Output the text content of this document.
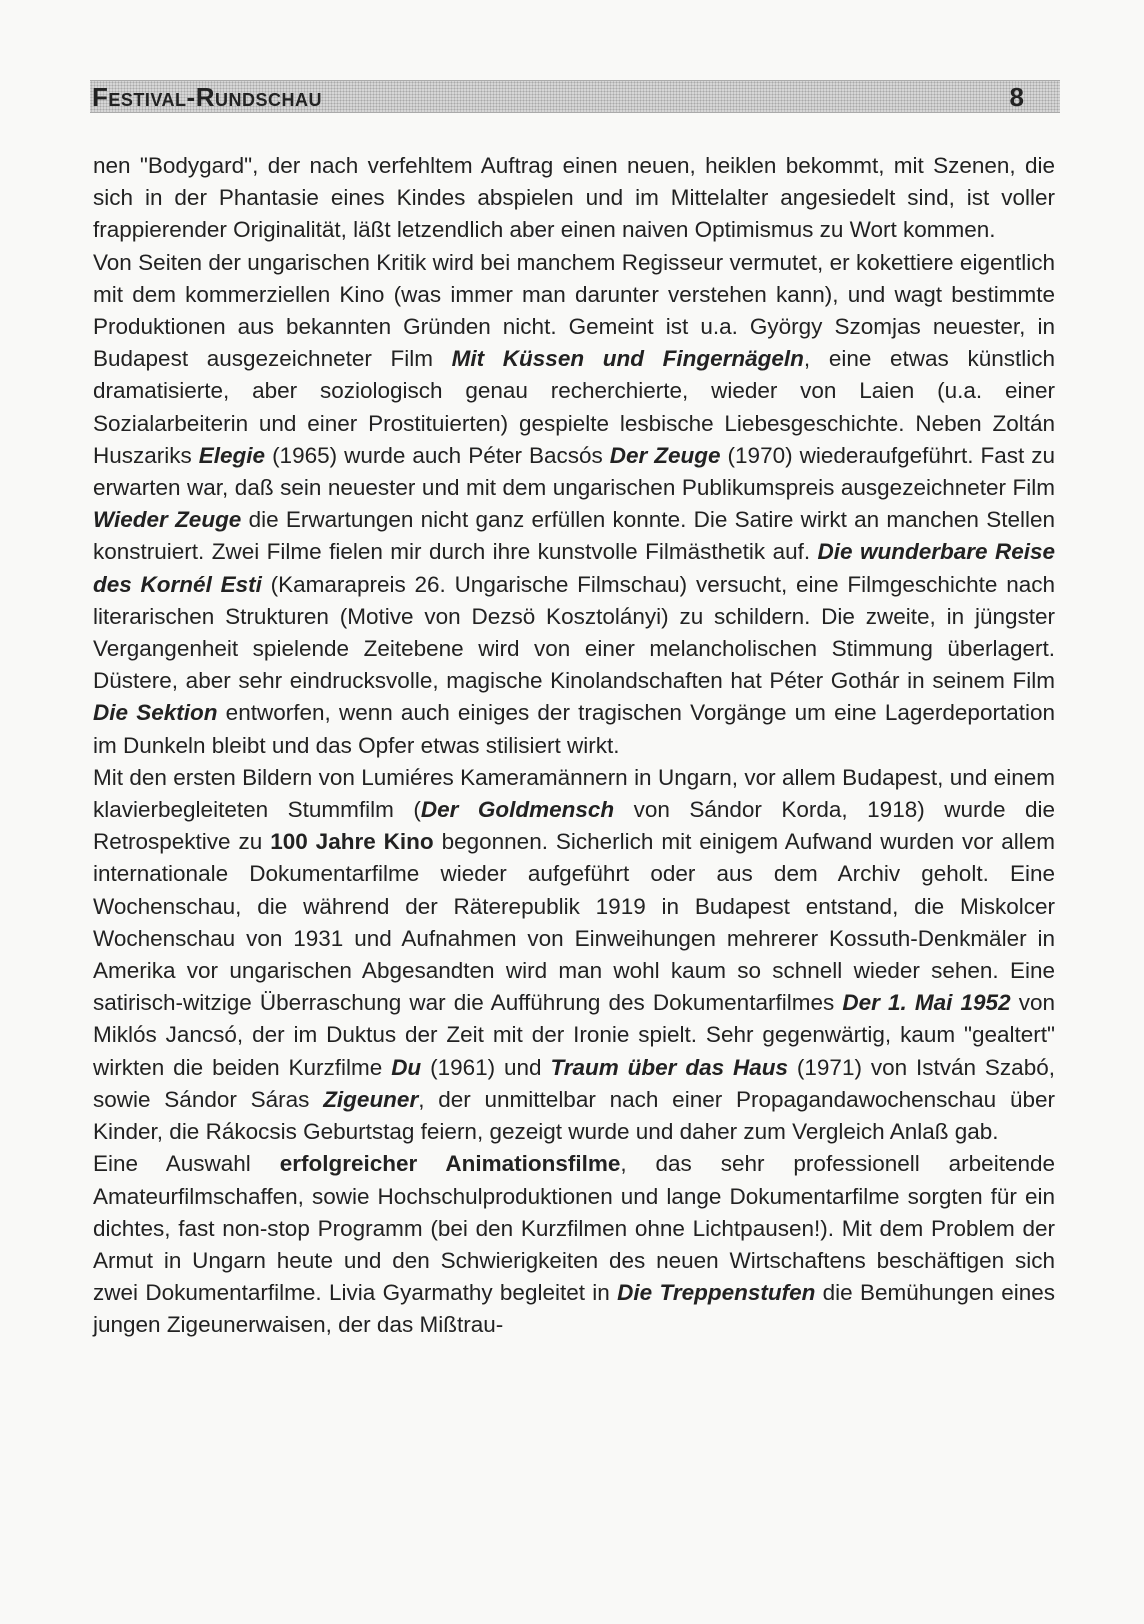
Festival-Rundschau	8

nen "Bodygard", der nach verfehltem Auftrag einen neuen, heiklen bekommt, mit Szenen, die sich in der Phantasie eines Kindes abspielen und im Mittelalter angesiedelt sind, ist voller frappierender Originalität, läßt letzendlich aber einen naiven Optimismus zu Wort kommen.

Von Seiten der ungarischen Kritik wird bei manchem Regisseur vermutet, er kokettiere eigentlich mit dem kommerziellen Kino (was immer man darunter verstehen kann), und wagt bestimmte Produktionen aus bekannten Gründen nicht. Gemeint ist u.a. György Szomjas neuester, in Budapest ausgezeichneter Film Mit Küssen und Fingernägeln, eine etwas künstlich dramatisierte, aber soziologisch genau recherchierte, wieder von Laien (u.a. einer Sozialarbeiterin und einer Prostituierten) gespielte lesbische Liebesgeschichte. Neben Zoltán Huszariks Elegie (1965) wurde auch Péter Bacsós Der Zeuge (1970) wiederaufgeführt. Fast zu erwarten war, daß sein neuester und mit dem ungarischen Publikumspreis ausgezeichneter Film Wieder Zeuge die Erwartungen nicht ganz erfüllen konnte. Die Satire wirkt an manchen Stellen konstruiert. Zwei Filme fielen mir durch ihre kunstvolle Filmästhetik auf. Die wunderbare Reise des Kornél Esti (Kamarapreis 26. Ungarische Filmschau) versucht, eine Filmgeschichte nach literarischen Strukturen (Motive von Dezsö Kosztolányi) zu schildern. Die zweite, in jüngster Vergangenheit spielende Zeitebene wird von einer melancholischen Stimmung überlagert. Düstere, aber sehr eindrucksvolle, magische Kinolandschaften hat Péter Gothár in seinem Film Die Sektion entworfen, wenn auch einiges der tragischen Vorgänge um eine Lagerdeportation im Dunkeln bleibt und das Opfer etwas stilisiert wirkt.

Mit den ersten Bildern von Lumiéres Kameramännern in Ungarn, vor allem Budapest, und einem klavierbegleiteten Stummfilm (Der Goldmensch von Sándor Korda, 1918) wurde die Retrospektive zu 100 Jahre Kino begonnen. Sicherlich mit einigem Aufwand wurden vor allem internationale Dokumentarfilme wieder aufgeführt oder aus dem Archiv geholt. Eine Wochenschau, die während der Räterepublik 1919 in Budapest entstand, die Miskolcer Wochenschau von 1931 und Aufnahmen von Einweihungen mehrerer Kossuth-Denkmäler in Amerika vor ungarischen Abgesandten wird man wohl kaum so schnell wieder sehen. Eine satirisch-witzige Überraschung war die Aufführung des Dokumentarfilmes Der 1. Mai 1952 von Miklós Jancsó, der im Duktus der Zeit mit der Ironie spielt. Sehr gegenwärtig, kaum "gealtert" wirkten die beiden Kurzfilme Du (1961) und Traum über das Haus (1971) von István Szabó, sowie Sándor Sáras Zigeuner, der unmittelbar nach einer Propagandawochenschau über Kinder, die Rákocsis Geburtstag feiern, gezeigt wurde und daher zum Vergleich Anlaß gab.

Eine Auswahl erfolgreicher Animationsfilme, das sehr professionell arbeitende Amateurfilmschaffen, sowie Hochschulproduktionen und lange Dokumentarfilme sorgten für ein dichtes, fast non-stop Programm (bei den Kurzfilmen ohne Lichtpausen!). Mit dem Problem der Armut in Ungarn heute und den Schwierigkeiten des neuen Wirtschaftens beschäftigen sich zwei Dokumentarfilme. Livia Gyarmathy begleitet in Die Treppenstufen die Bemühungen eines jungen Zigeunerwaisen, der das Mißtrau-
